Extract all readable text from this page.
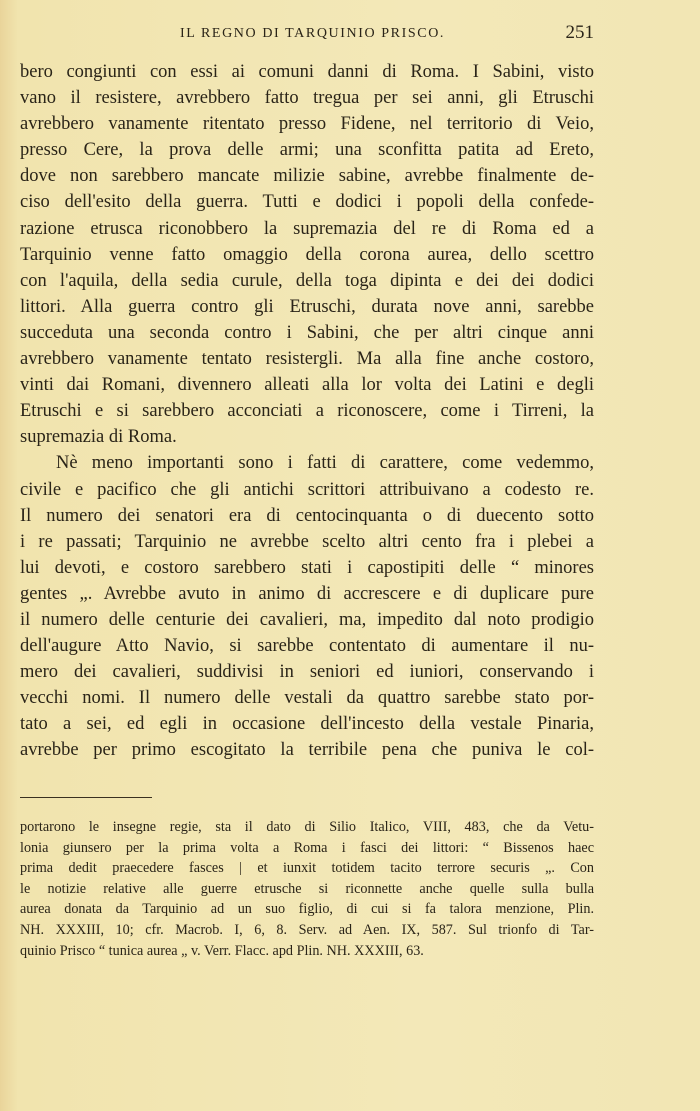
IL REGNO DI TARQUINIO PRISCO.	251
bero congiunti con essi ai comuni danni di Roma. I Sabini, visto
vano il resistere, avrebbero fatto tregua per sei anni, gli Etruschi
avrebbero vanamente ritentato presso Fidene, nel territorio di Veio,
presso Cere, la prova delle armi; una sconfitta patita ad Ereto,
dove non sarebbero mancate milizie sabine, avrebbe finalmente de-
ciso dell'esito della guerra. Tutti e dodici i popoli della confede-
razione etrusca riconobbero la supremazia del re di Roma ed a
Tarquinio venne fatto omaggio della corona aurea, dello scettro
con l'aquila, della sedia curule, della toga dipinta e dei dei dodici
littori. Alla guerra contro gli Etruschi, durata nove anni, sarebbe
succeduta una seconda contro i Sabini, che per altri cinque anni
avrebbero vanamente tentato resistergli. Ma alla fine anche costoro,
vinti dai Romani, divennero alleati alla lor volta dei Latini e degli
Etruschi e si sarebbero acconciati a riconoscere, come i Tirreni, la
supremazia di Roma.
Nè meno importanti sono i fatti di carattere, come vedemmo,
civile e pacifico che gli antichi scrittori attribuivano a codesto re.
Il numero dei senatori era di centocinquanta o di duecento sotto
i re passati; Tarquinio ne avrebbe scelto altri cento fra i plebei a
lui devoti, e costoro sarebbero stati i capostipiti delle “ minores
gentes „. Avrebbe avuto in animo di accrescere e di duplicare pure
il numero delle centurie dei cavalieri, ma, impedito dal noto prodigio
dell'augure Atto Navio, si sarebbe contentato di aumentare il nu-
mero dei cavalieri, suddivisi in seniori ed iuniori, conservando i
vecchi nomi. Il numero delle vestali da quattro sarebbe stato por-
tato a sei, ed egli in occasione dell'incesto della vestale Pinaria,
avrebbe per primo escogitato la terribile pena che puniva le col-
portarono le insegne regie, sta il dato di Silio Italico, VIII, 483, che da Vetu-
lonia giunsero per la prima volta a Roma i fasci dei littori: “ Bissenos haec
prima dedit praecedere fasces | et iunxit totidem tacito terrore securis „. Con
le notizie relative alle guerre etrusche si riconnette anche quelle sulla bulla
aurea donata da Tarquinio ad un suo figlio, di cui si fa talora menzione, Plin.
NH. XXXIII, 10; cfr. Macrob. I, 6, 8. Serv. ad Aen. IX, 587. Sul trionfo di Tar-
quinio Prisco “ tunica aurea „ v. Verr. Flacc. apd Plin. NH. XXXIII, 63.
